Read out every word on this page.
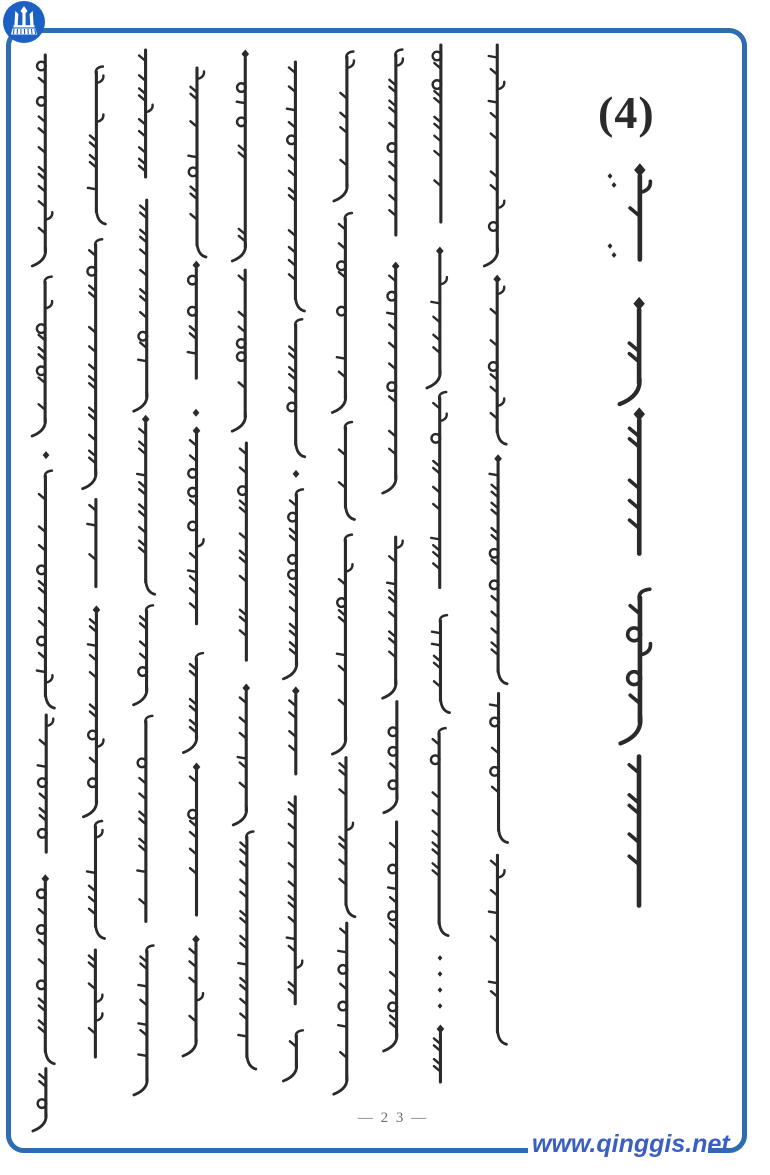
(4)
— 2 3 —
www.qinggis.net
